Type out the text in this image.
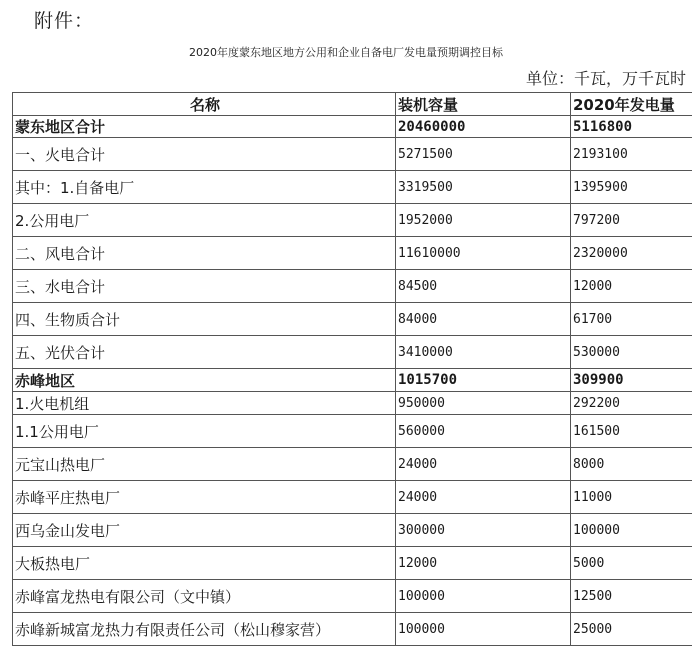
附件：
2020年度蒙东地区地方公用和企业自备电厂发电量预期调控目标
单位：千瓦，万千瓦时
名称	装机容量	2020年发电量
蒙东地区合计	20460000	5116800
一、火电合计	5271500	2193100
其中：1.自备电厂	3319500	1395900
2.公用电厂	1952000	797200
二、风电合计	11610000	2320000
三、水电合计	84500	12000
四、生物质合计	84000	61700
五、光伏合计	3410000	530000
赤峰地区	1015700	309900
1.火电机组	950000	292200
1.1公用电厂	560000	161500
元宝山热电厂	24000	8000
赤峰平庄热电厂	24000	11000
西乌金山发电厂	300000	100000
大板热电厂	12000	5000
赤峰富龙热电有限公司（文中镇）	100000	12500
赤峰新城富龙热力有限责任公司（松山穆家营）	100000	25000
